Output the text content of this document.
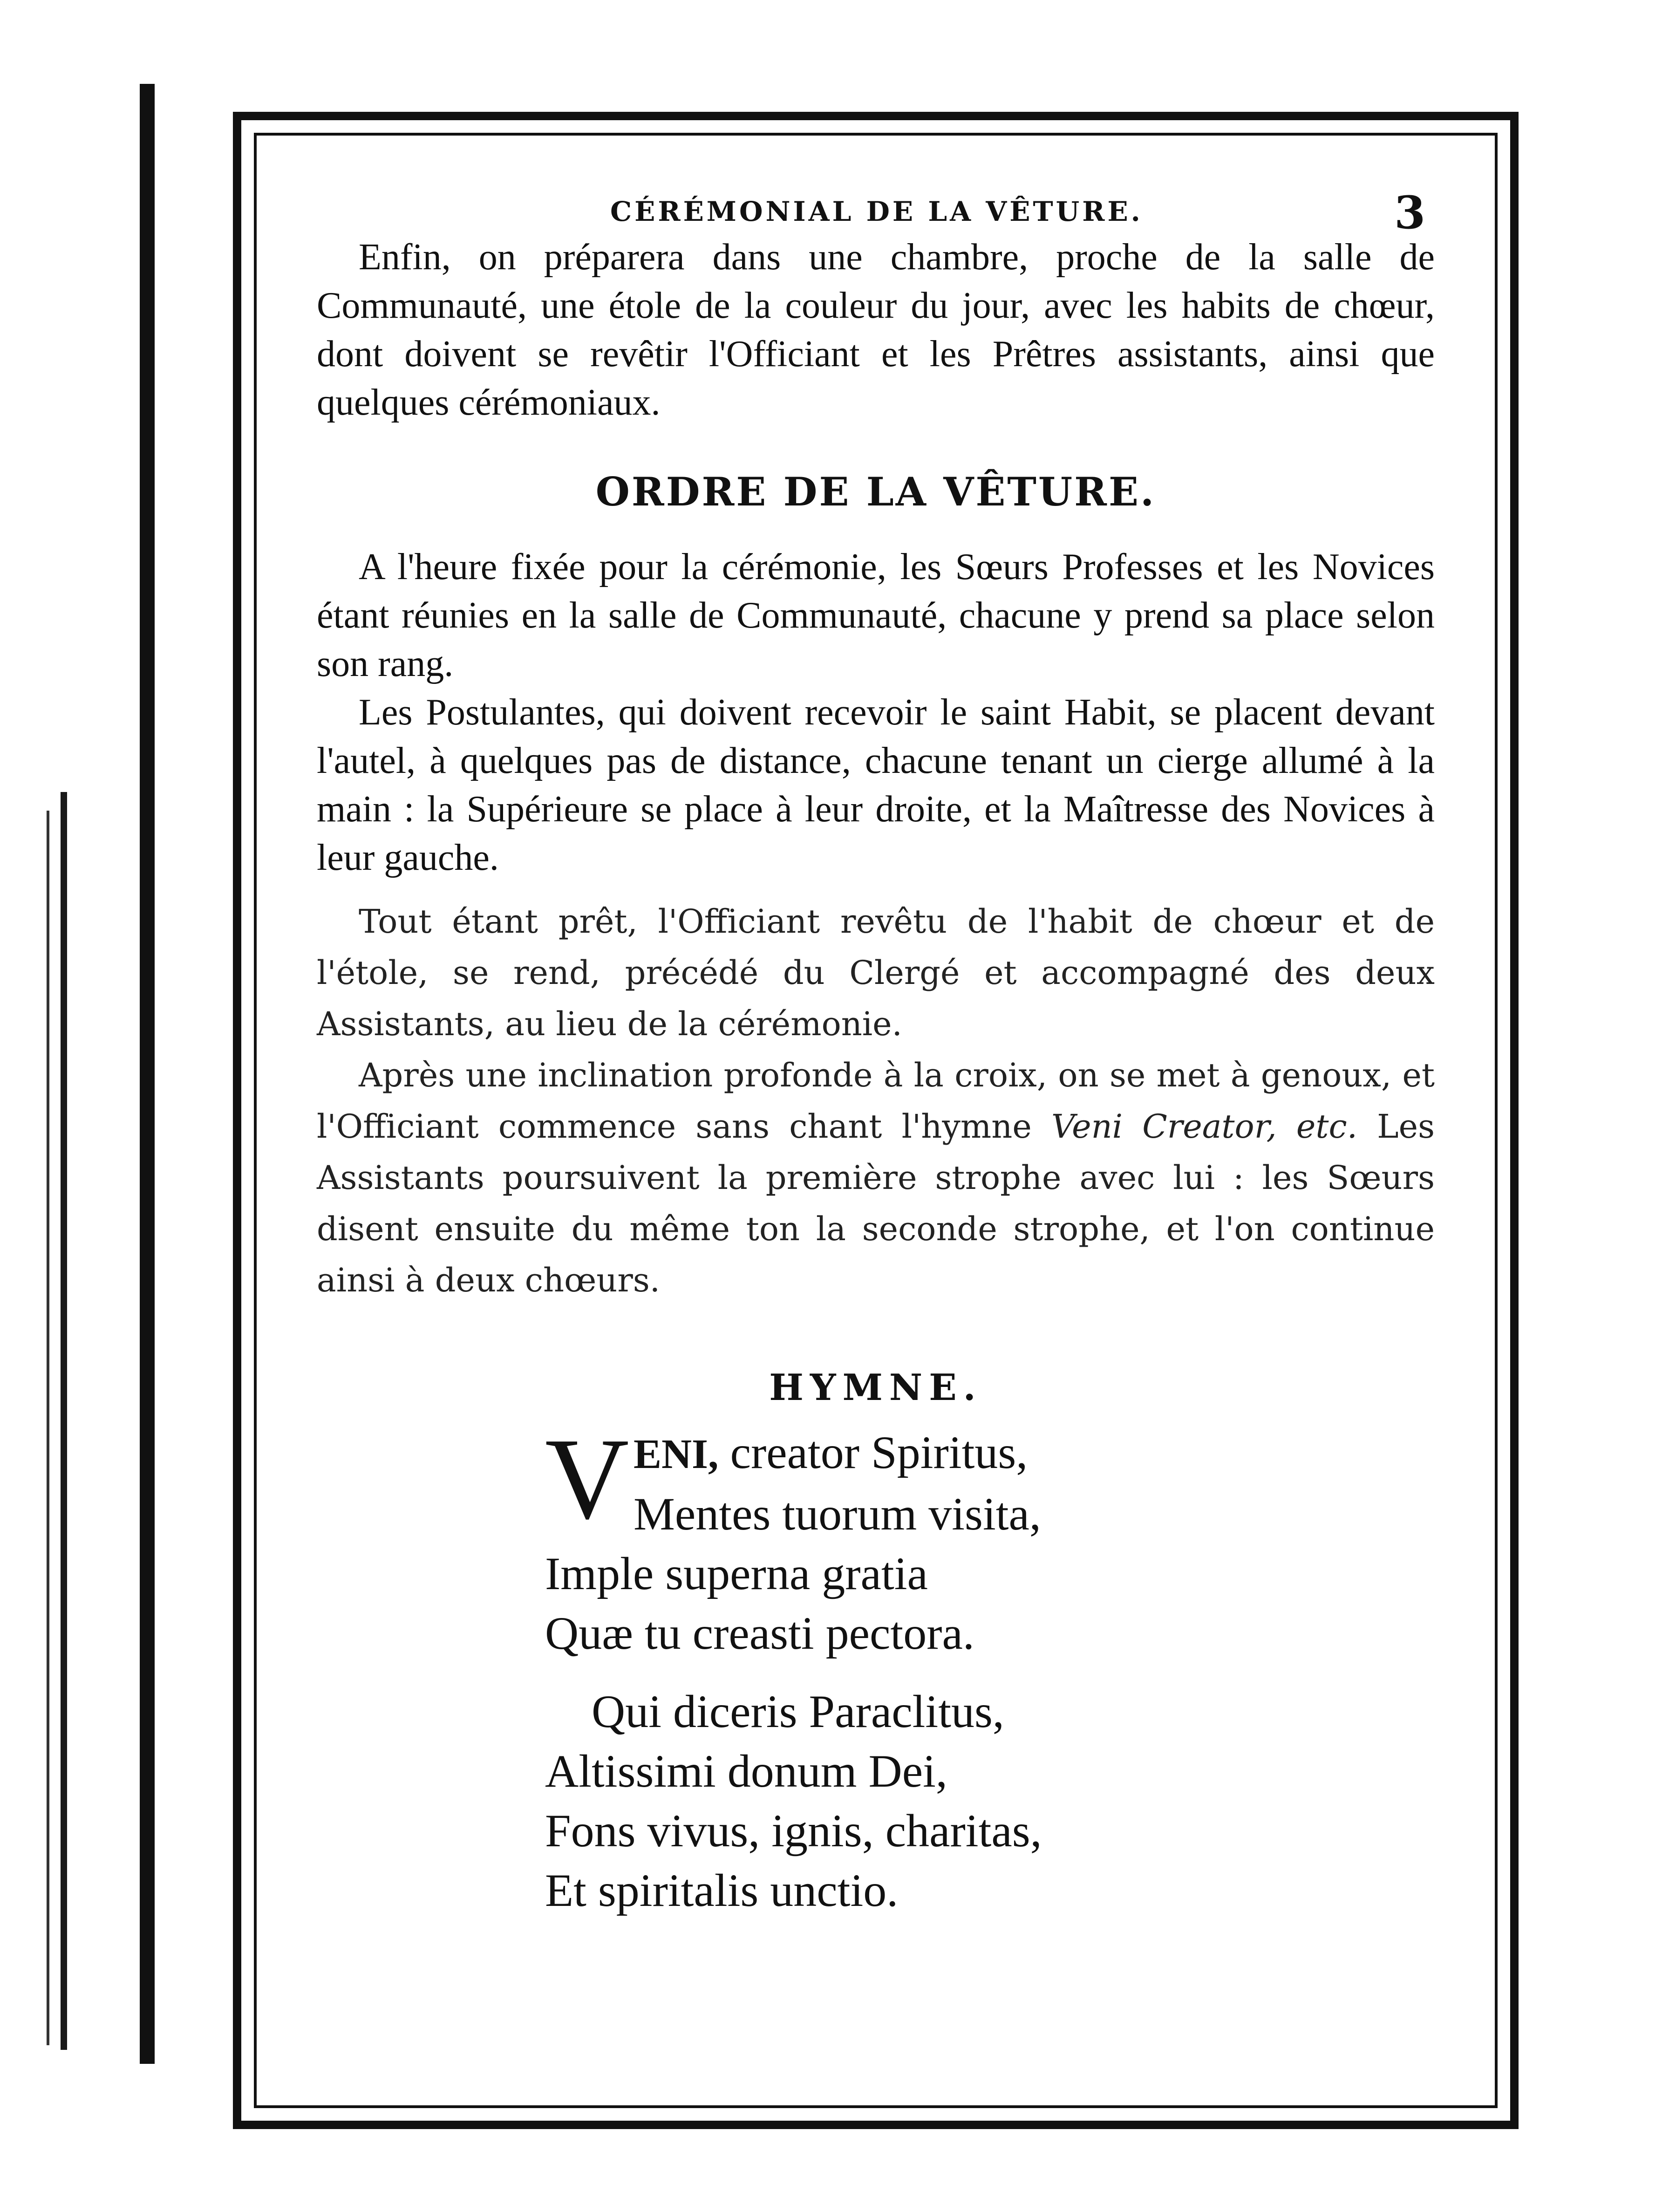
CÉRÉMONIAL DE LA VÊTURE.	3

Enfin, on préparera dans une chambre, proche de la salle de Communauté, une étole de la couleur du jour, avec les habits de chœur, dont doivent se revêtir l'Officiant et les Prêtres assistants, ainsi que quelques cérémoniaux.

ORDRE DE LA VÊTURE.

A l'heure fixée pour la cérémonie, les Sœurs Professes et les Novices étant réunies en la salle de Communauté, chacune y prend sa place selon son rang.

Les Postulantes, qui doivent recevoir le saint Habit, se placent devant l'autel, à quelques pas de distance, chacune tenant un cierge allumé à la main : la Supérieure se place à leur droite, et la Maîtresse des Novices à leur gauche.

Tout étant prêt, l'Officiant revêtu de l'habit de chœur et de l'étole, se rend, précédé du Clergé et accompagné des deux Assistants, au lieu de la cérémonie.

Après une inclination profonde à la croix, on se met à genoux, et l'Officiant commence sans chant l'hymne Veni Creator, etc. Les Assistants poursuivent la première strophe avec lui : les Sœurs disent ensuite du même ton la seconde strophe, et l'on continue ainsi à deux chœurs.

HYMNE.
V ENI, creator Spiritus,
Mentes tuorum visita,
Imple superna gratia
Quæ tu creasti pectora.
Qui diceris Paraclitus,
Altissimi donum Dei,
Fons vivus, ignis, charitas,
Et spiritalis unctio.
